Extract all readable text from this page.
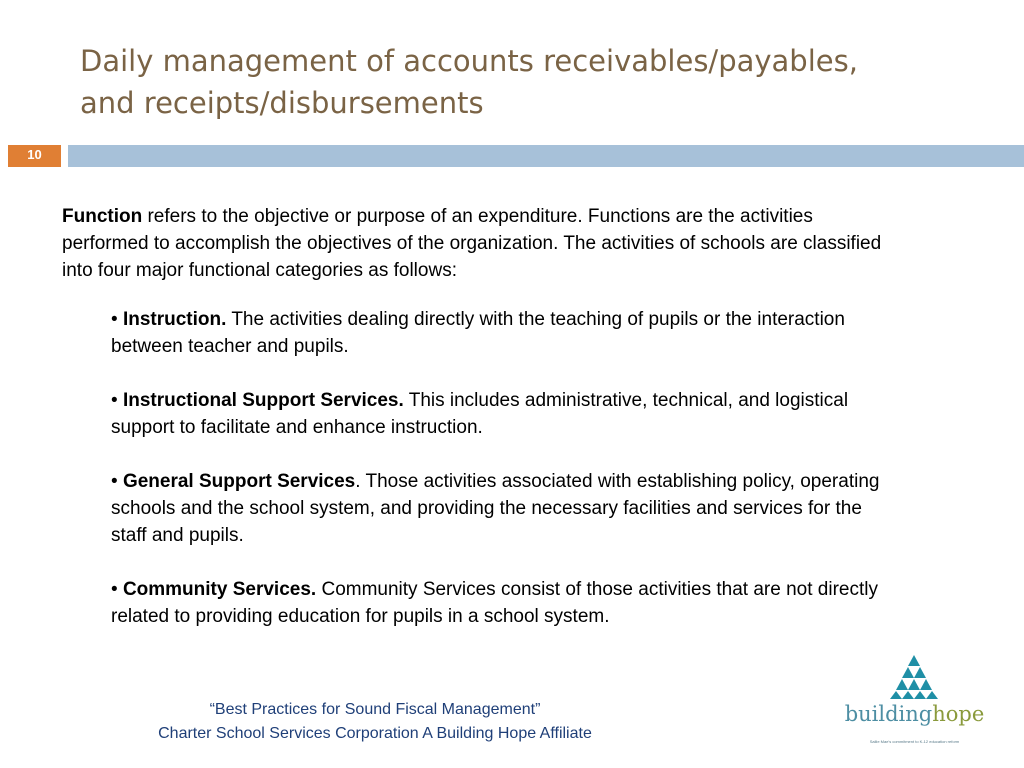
Daily management of accounts receivables/payables,
and receipts/disbursements
10

Function refers to the objective or purpose of an expenditure. Functions are the activities performed to accomplish the objectives of the organization. The activities of schools are classified into four major functional categories as follows:

• Instruction. The activities dealing directly with the teaching of pupils or the interaction between teacher and pupils.

• Instructional Support Services. This includes administrative, technical, and logistical support to facilitate and enhance instruction.

• General Support Services. Those activities associated with establishing policy, operating schools and the school system, and providing the necessary facilities and services for the staff and pupils.

• Community Services. Community Services consist of those activities that are not directly related to providing education for pupils in a school system.

“Best Practices for Sound Fiscal Management”
Charter School Services Corporation A Building Hope Affiliate
buildinghope
Sallie Mae's commitment to K-12 education reform
